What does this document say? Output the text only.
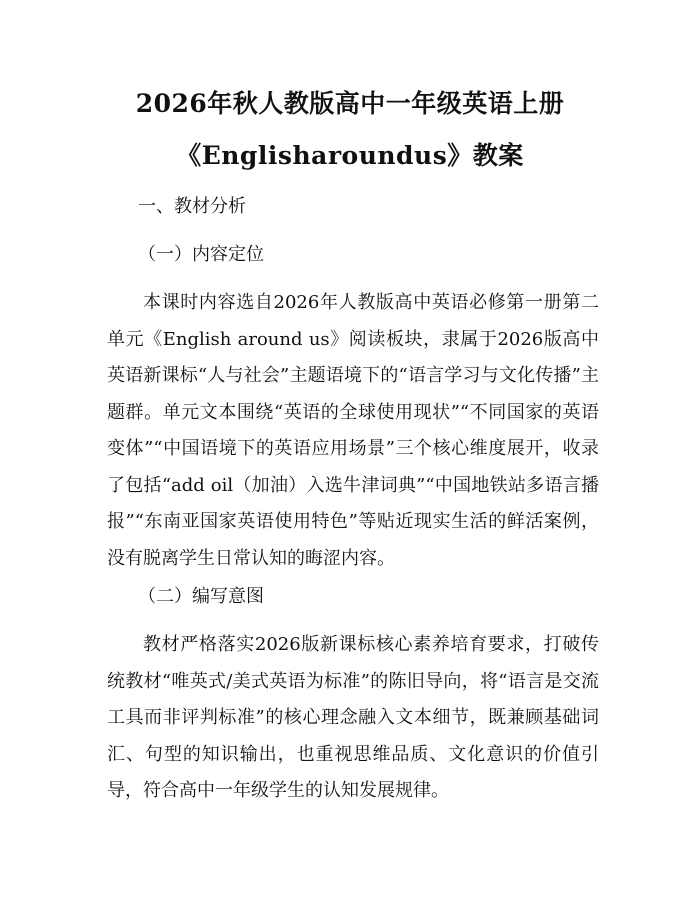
2026年秋人教版高中一年级英语上册
《Englisharoundus》教案
一、教材分析
（一）内容定位
本课时内容选自2026年人教版高中英语必修第一册第二单元《English around us》阅读板块，隶属于2026版高中英语新课标“人与社会”主题语境下的“语言学习与文化传播”主题群。单元文本围绕“英语的全球使用现状”“不同国家的英语变体”“中国语境下的英语应用场景”三个核心维度展开，收录了包括“add oil（加油）入选牛津词典”“中国地铁站多语言播报”“东南亚国家英语使用特色”等贴近现实生活的鲜活案例，没有脱离学生日常认知的晦涩内容。
（二）编写意图
教材严格落实2026版新课标核心素养培育要求，打破传统教材“唯英式/美式英语为标准”的陈旧导向，将“语言是交流工具而非评判标准”的核心理念融入文本细节，既兼顾基础词汇、句型的知识输出，也重视思维品质、文化意识的价值引导，符合高中一年级学生的认知发展规律。
